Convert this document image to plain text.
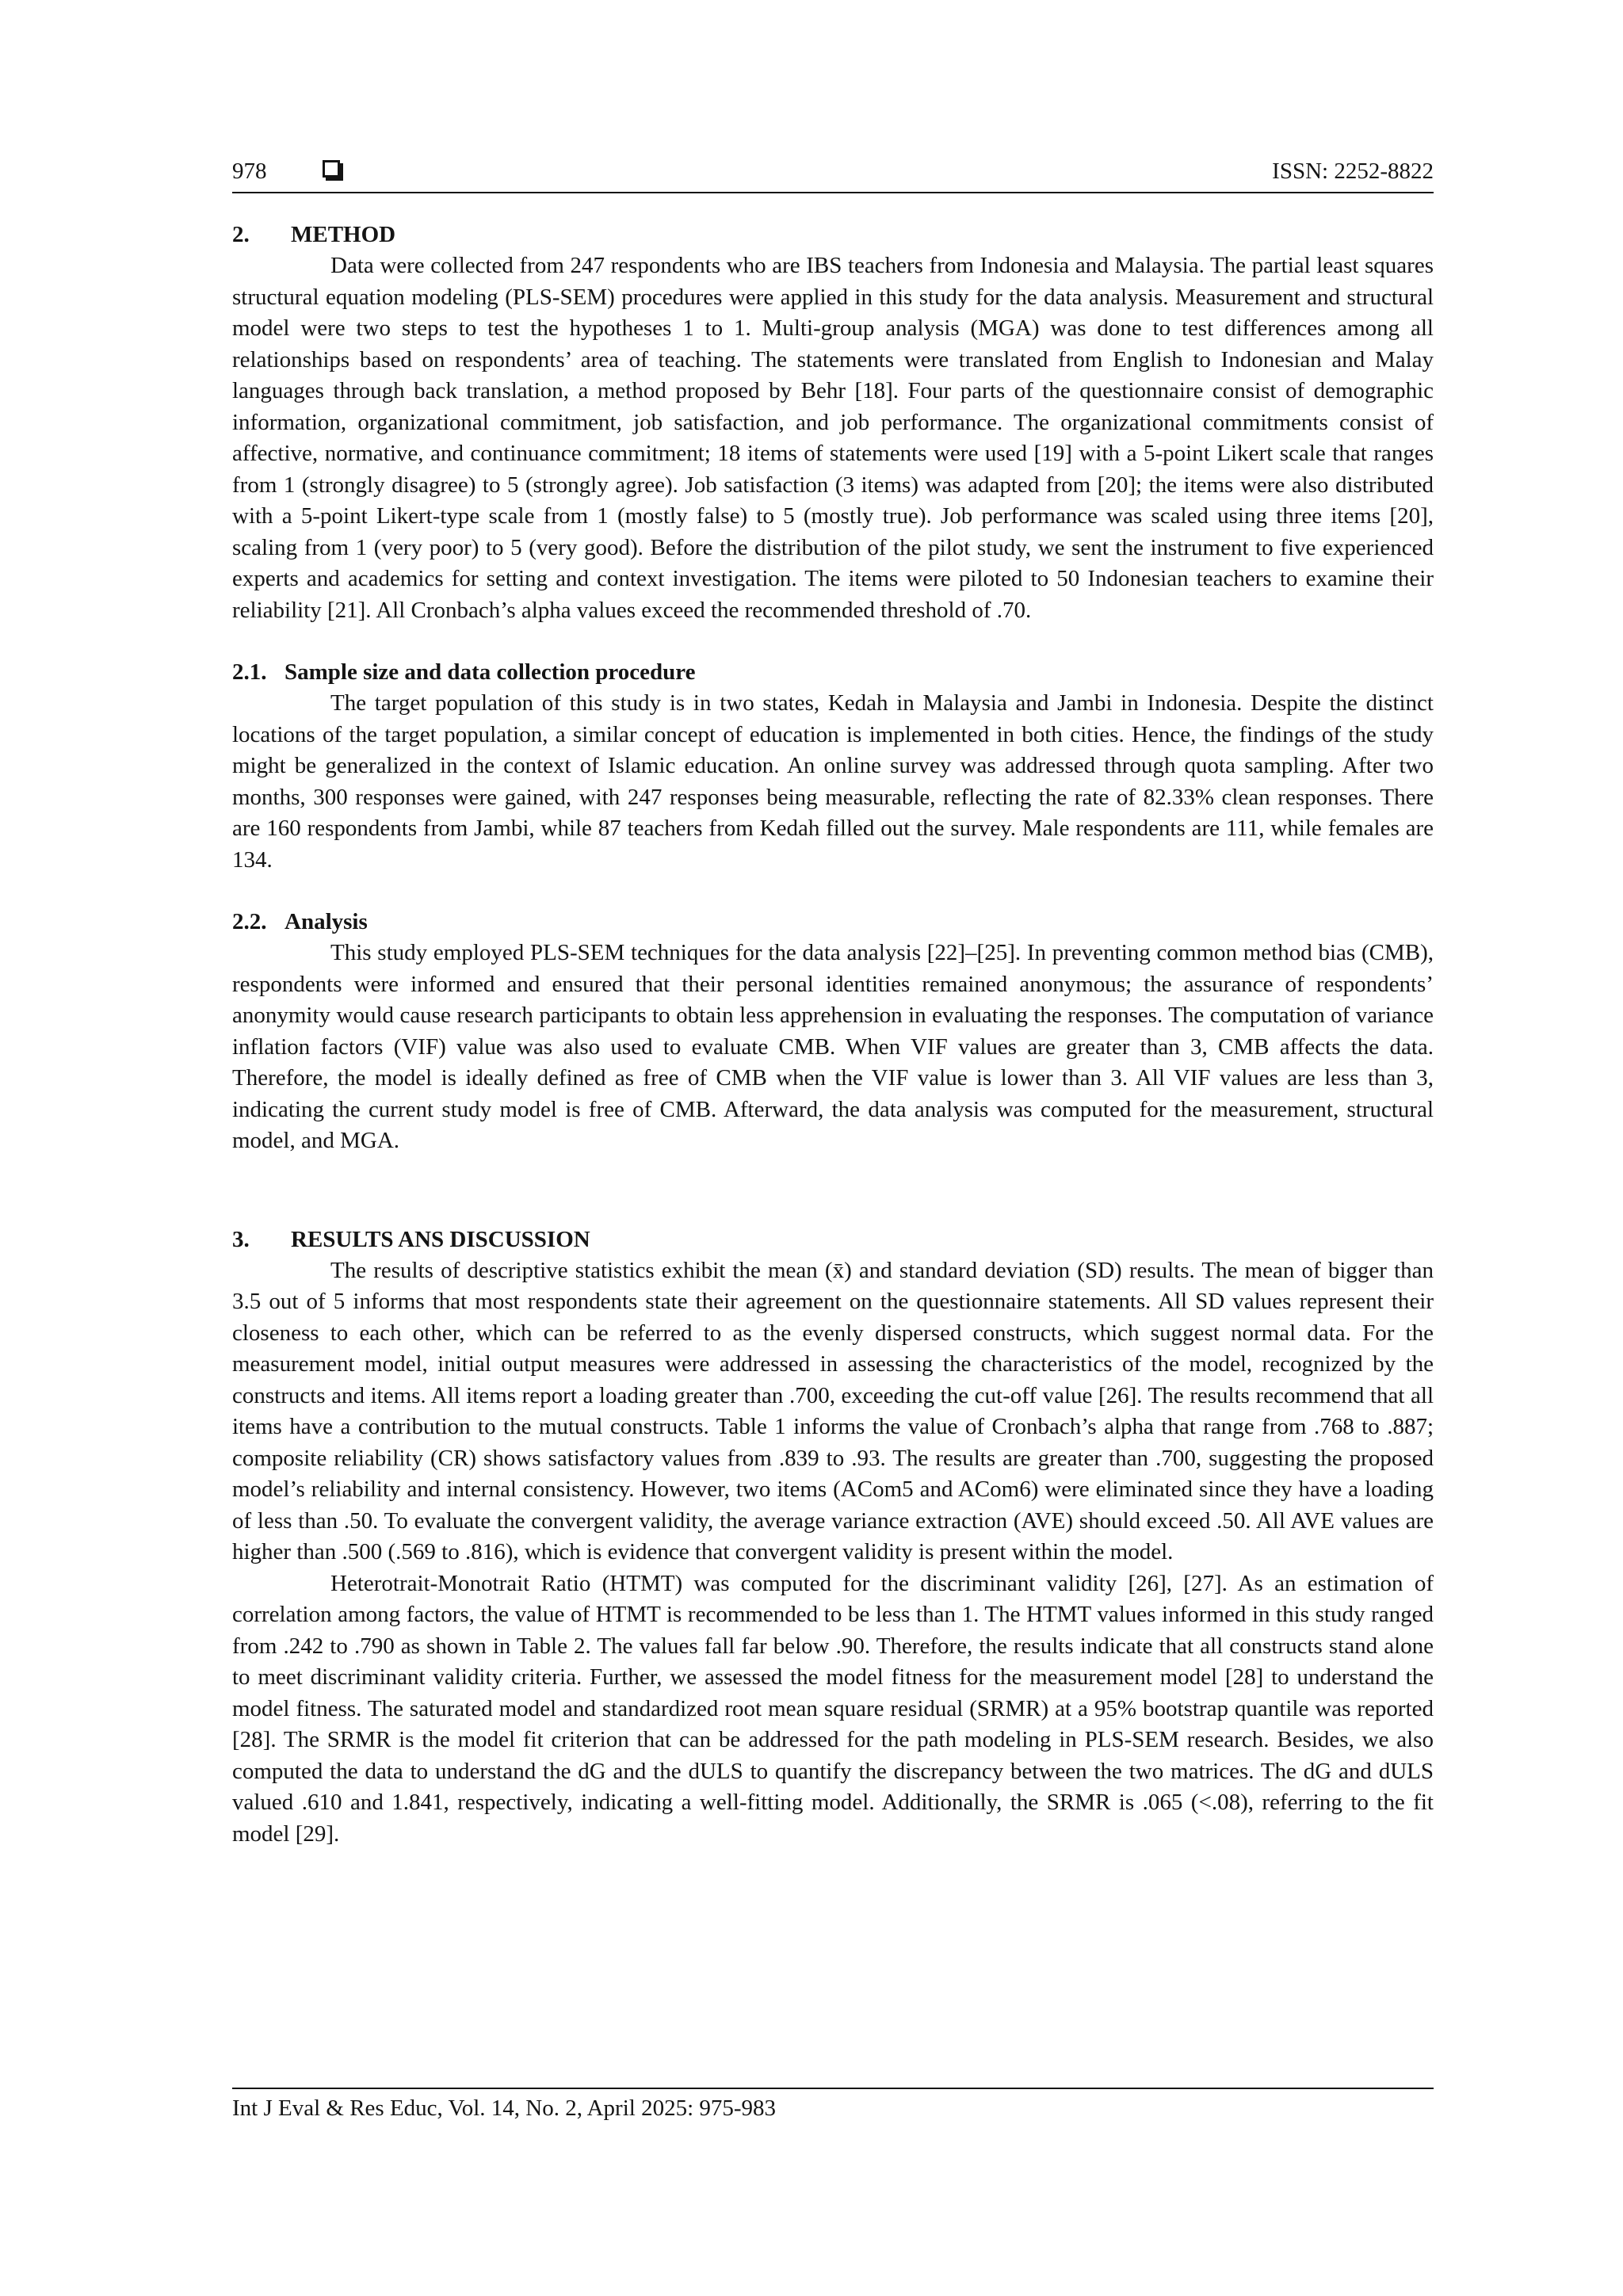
978	ISSN: 2252-8822
2. METHOD

Data were collected from 247 respondents who are IBS teachers from Indonesia and Malaysia. The partial least squares structural equation modeling (PLS-SEM) procedures were applied in this study for the data analysis. Measurement and structural model were two steps to test the hypotheses 1 to 1. Multi-group analysis (MGA) was done to test differences among all relationships based on respondents’ area of teaching. The statements were translated from English to Indonesian and Malay languages through back translation, a method proposed by Behr [18]. Four parts of the questionnaire consist of demographic information, organizational commitment, job satisfaction, and job performance. The organizational commitments consist of affective, normative, and continuance commitment; 18 items of statements were used [19] with a 5-point Likert scale that ranges from 1 (strongly disagree) to 5 (strongly agree). Job satisfaction (3 items) was adapted from [20]; the items were also distributed with a 5-point Likert-type scale from 1 (mostly false) to 5 (mostly true). Job performance was scaled using three items [20], scaling from 1 (very poor) to 5 (very good). Before the distribution of the pilot study, we sent the instrument to five experienced experts and academics for setting and context investigation. The items were piloted to 50 Indonesian teachers to examine their reliability [21]. All Cronbach’s alpha values exceed the recommended threshold of .70.

2.1. Sample size and data collection procedure

The target population of this study is in two states, Kedah in Malaysia and Jambi in Indonesia. Despite the distinct locations of the target population, a similar concept of education is implemented in both cities. Hence, the findings of the study might be generalized in the context of Islamic education. An online survey was addressed through quota sampling. After two months, 300 responses were gained, with 247 responses being measurable, reflecting the rate of 82.33% clean responses. There are 160 respondents from Jambi, while 87 teachers from Kedah filled out the survey. Male respondents are 111, while females are 134.

2.2. Analysis

This study employed PLS-SEM techniques for the data analysis [22]–[25]. In preventing common method bias (CMB), respondents were informed and ensured that their personal identities remained anonymous; the assurance of respondents’ anonymity would cause research participants to obtain less apprehension in evaluating the responses. The computation of variance inflation factors (VIF) value was also used to evaluate CMB. When VIF values are greater than 3, CMB affects the data. Therefore, the model is ideally defined as free of CMB when the VIF value is lower than 3. All VIF values are less than 3, indicating the current study model is free of CMB. Afterward, the data analysis was computed for the measurement, structural model, and MGA.

3. RESULTS ANS DISCUSSION

The results of descriptive statistics exhibit the mean (x̄) and standard deviation (SD) results. The mean of bigger than 3.5 out of 5 informs that most respondents state their agreement on the questionnaire statements. All SD values represent their closeness to each other, which can be referred to as the evenly dispersed constructs, which suggest normal data. For the measurement model, initial output measures were addressed in assessing the characteristics of the model, recognized by the constructs and items. All items report a loading greater than .700, exceeding the cut-off value [26]. The results recommend that all items have a contribution to the mutual constructs. Table 1 informs the value of Cronbach’s alpha that range from .768 to .887; composite reliability (CR) shows satisfactory values from .839 to .93. The results are greater than .700, suggesting the proposed model’s reliability and internal consistency. However, two items (ACom5 and ACom6) were eliminated since they have a loading of less than .50. To evaluate the convergent validity, the average variance extraction (AVE) should exceed .50. All AVE values are higher than .500 (.569 to .816), which is evidence that convergent validity is present within the model.

Heterotrait-Monotrait Ratio (HTMT) was computed for the discriminant validity [26], [27]. As an estimation of correlation among factors, the value of HTMT is recommended to be less than 1. The HTMT values informed in this study ranged from .242 to .790 as shown in Table 2. The values fall far below .90. Therefore, the results indicate that all constructs stand alone to meet discriminant validity criteria. Further, we assessed the model fitness for the measurement model [28] to understand the model fitness. The saturated model and standardized root mean square residual (SRMR) at a 95% bootstrap quantile was reported [28]. The SRMR is the model fit criterion that can be addressed for the path modeling in PLS-SEM research. Besides, we also computed the data to understand the dG and the dULS to quantify the discrepancy between the two matrices. The dG and dULS valued .610 and 1.841, respectively, indicating a well-fitting model. Additionally, the SRMR is .065 (<.08), referring to the fit model [29].

Int J Eval & Res Educ, Vol. 14, No. 2, April 2025: 975-983
